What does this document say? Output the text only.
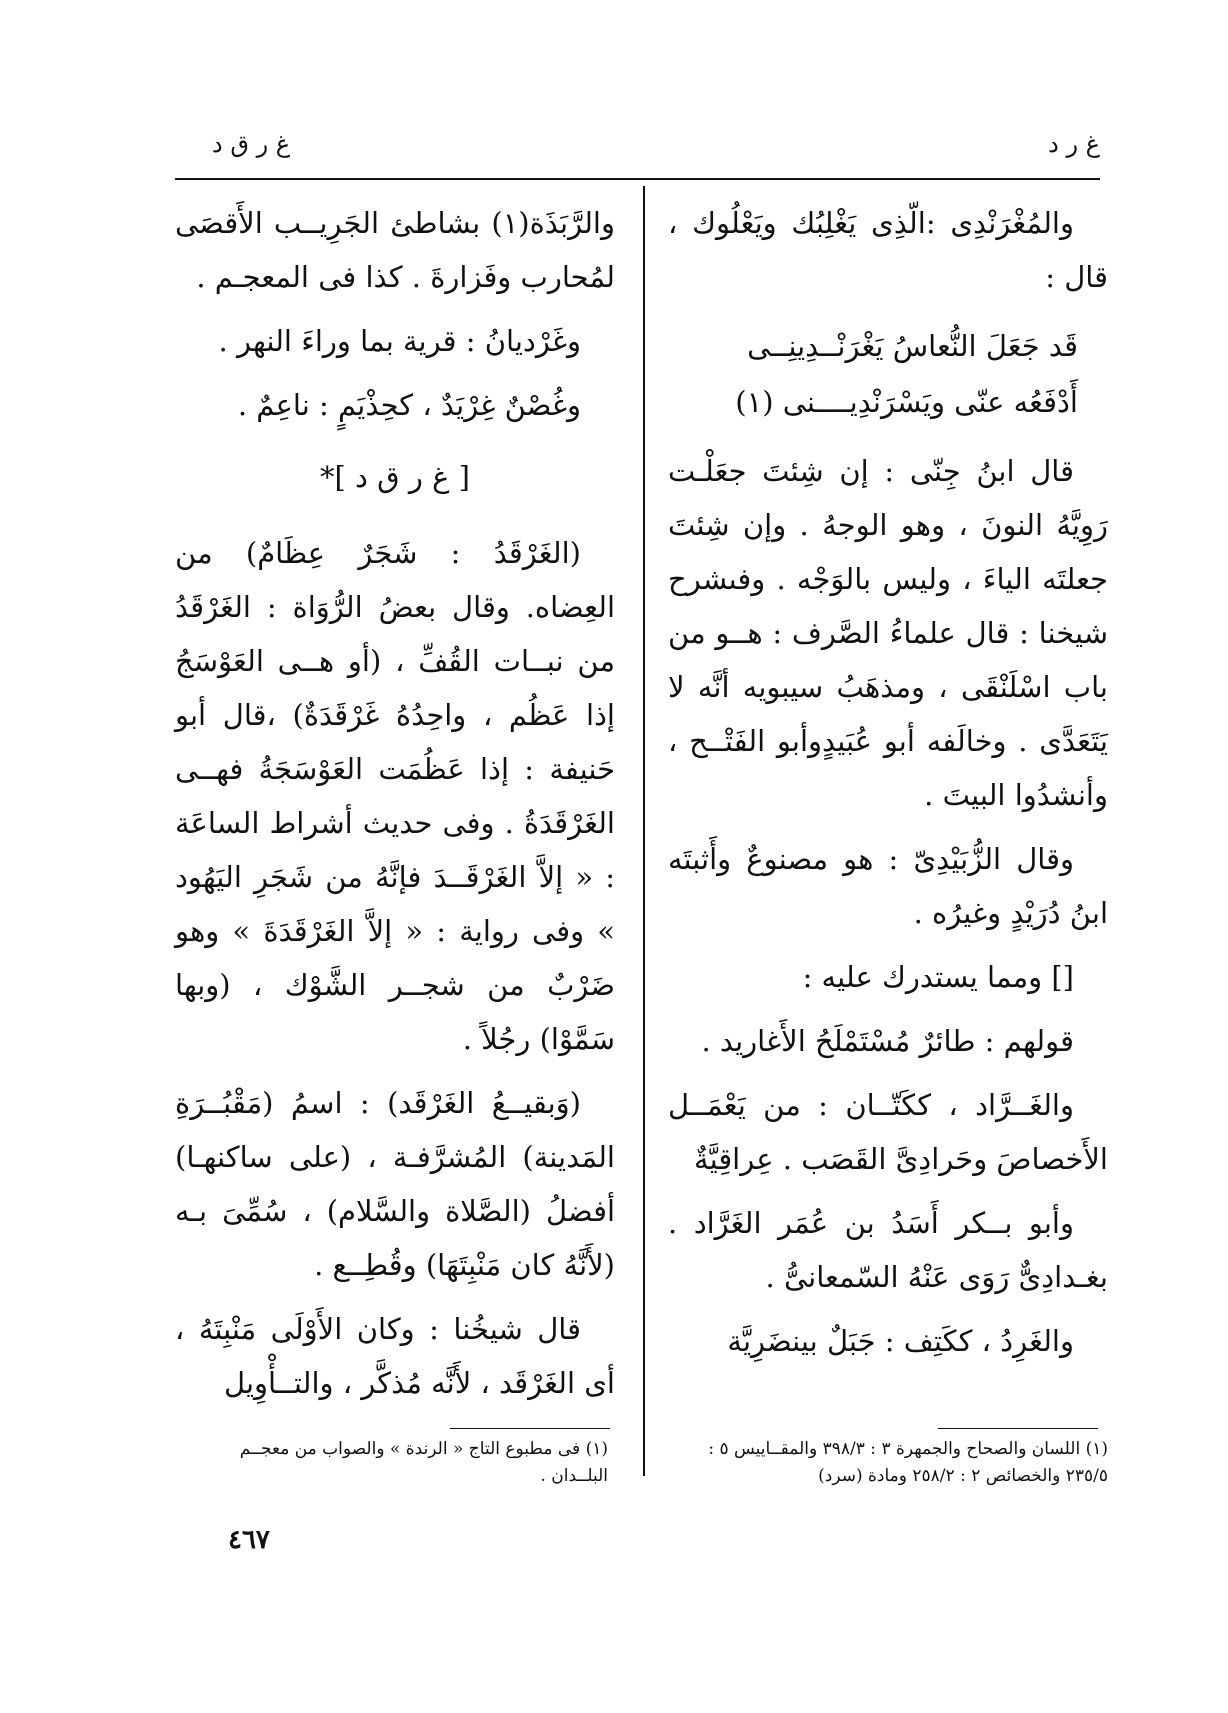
غ ر د
غ ر ق د

والمُغْرَنْدِى :الّذِى يَغْلِبُك ويَعْلُوك ، قال :

قَد جَعَلَ النُّعاسُ يَغْرَنْــدِينِــى
أَدْفَعُه عنّى ويَسْرَنْدِيــــنى (١)

قال ابنُ جِنّى : إن شِئتَ جعَلْـت رَوِيَّهُ النونَ ، وهو الوجهُ . وإن شِئتَ جعلتَه الياءَ ، وليس بالوَجْه . وفىشرح شيخنا : قال علماءُ الصَّرف : هــو من باب اسْلَنْقَى ، ومذهَبُ سيبويه أنَّه لا يَتَعَدَّى . وخالَفه أبو عُبَيدٍوأبو الفَتْــح ، وأنشدُوا البيتَ .

وقال الزُّبَيْدِىّ : هو مصنوعٌ وأَثبتَه ابنُ دُرَيْدٍ وغيرُه .

[] ومما يستدرك عليه :

قولهم : طائرٌ مُسْتَمْلَحُ الأَغاريد .

والغَــرَّاد ، ككَتّــان : من يَعْمَــل الأَخصاصَ وحَرادِىَّ القَصَب . عِراقِيَّةٌ

وأبو بــكر أَسَدُ بن عُمَر الغَرَّاد . بغـدادِىٌّ رَوَى عَنْهُ السّمعانىُّ .

والغَرِدُ ، ككَتِف : جَبَلٌ بينضَرِيَّة

والرَّبَذَة(١) بشاطئ الجَرِيــب الأَقصَى لمُحارب وفَزارةَ . كذا فى المعجـم .

وغَرْديانُ : قرية بما وراءَ النهر .

وغُصْنٌ غِرْيَدٌ ، كحِذْيَمٍ : ناعِمٌ .

[ غ ر ق د ]*

(الغَرْقَدُ : شَجَرٌ عِظَامٌ) من العِضاه. وقال بعضُ الرُّوَاة : الغَرْقَدُ من نبــات القُفِّ ، (أو هــى العَوْسَجُ إذا عَظُم ، واحِدُهُ غَرْقَدَةٌ) ،قال أبو حَنيفة : إذا عَظُمَت العَوْسَجَةُ فهــى الغَرْقَدَةُ . وفى حديث أشراط الساعَة : « إلاَّ الغَرْقَــدَ فإنَّهُ من شَجَرِ اليَهُود » وفى رواية : « إلاَّ الغَرْقَدَةَ » وهو ضَرْبٌ من شجــر الشَّوْك ، (وبها سَمَّوْا) رجُلاً .

(وَبقيــعُ الغَرْقَد) : اسمُ (مَقْبُــرَةِ المَدينة) المُشرَّفـة ، (على ساكنهـا) أفضلُ (الصَّلاة والسَّلام) ، سُمِّىَ بـه (لأَنَّهُ كان مَنْبِتَهَا) وقُطِــع .

قال شيخُنا : وكان الأَوْلَى مَنْبِتَهُ ، أى الغَرْقَد ، لأَنَّه مُذكَّر ، والتــأْوِيل

(١) اللسان والصحاح والجمهرة ٣ : ٣٩٨/٣ والمقــاييس ٥ : ٢٣٥/٥ والخصائص ٢ : ٢٥٨/٢ ومادة (سرد)
(١) فى مطبوع التاج « الرندة » والصواب من معجــم البلــدان .
٤٦٧
